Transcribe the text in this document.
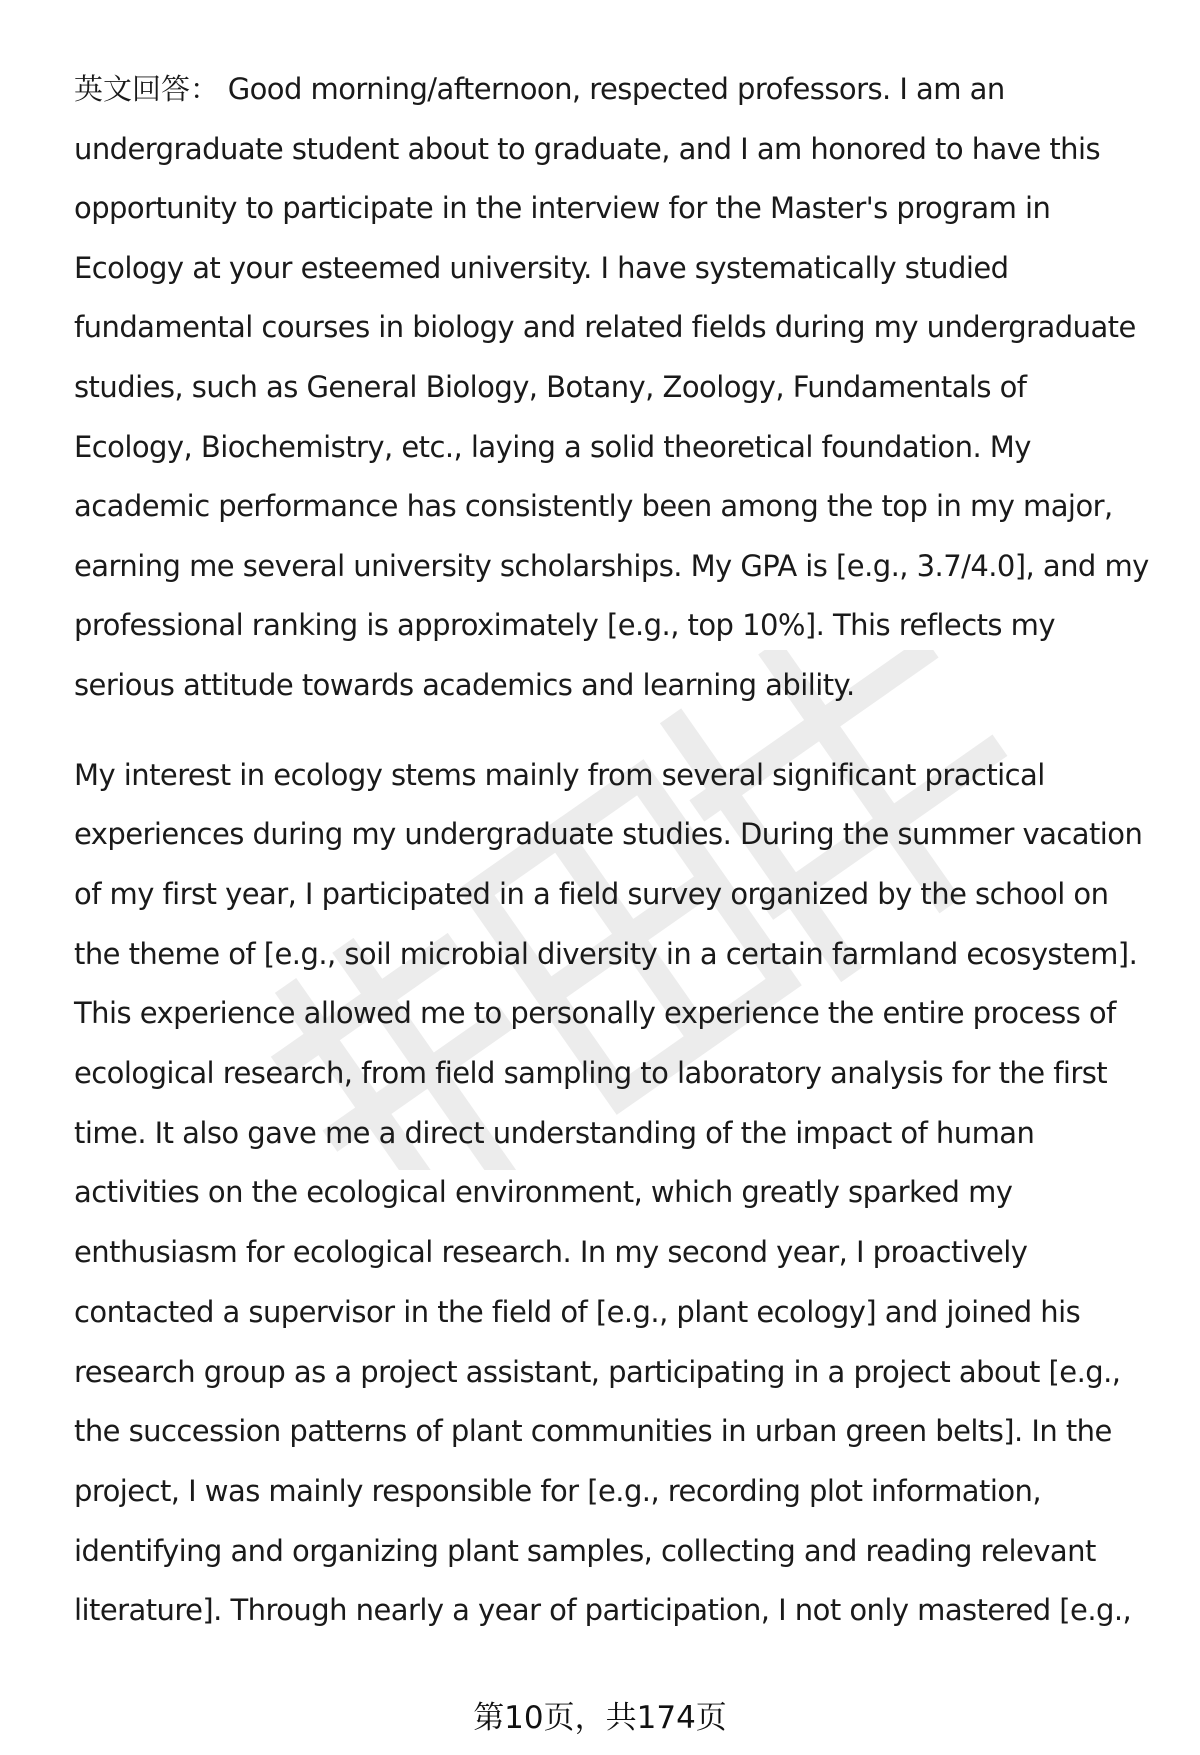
英文回答： Good morning/afternoon, respected professors. I am an
undergraduate student about to graduate, and I am honored to have this
opportunity to participate in the interview for the Master's program in
Ecology at your esteemed university. I have systematically studied
fundamental courses in biology and related fields during my undergraduate
studies, such as General Biology, Botany, Zoology, Fundamentals of
Ecology, Biochemistry, etc., laying a solid theoretical foundation. My
academic performance has consistently been among the top in my major,
earning me several university scholarships. My GPA is [e.g., 3.7/4.0], and my
professional ranking is approximately [e.g., top 10%]. This reflects my
serious attitude towards academics and learning ability.

My interest in ecology stems mainly from several significant practical
experiences during my undergraduate studies. During the summer vacation
of my first year, I participated in a field survey organized by the school on
the theme of [e.g., soil microbial diversity in a certain farmland ecosystem].
This experience allowed me to personally experience the entire process of
ecological research, from field sampling to laboratory analysis for the first
time. It also gave me a direct understanding of the impact of human
activities on the ecological environment, which greatly sparked my
enthusiasm for ecological research. In my second year, I proactively
contacted a supervisor in the field of [e.g., plant ecology] and joined his
research group as a project assistant, participating in a project about [e.g.,
the succession patterns of plant communities in urban green belts]. In the
project, I was mainly responsible for [e.g., recording plot information,
identifying and organizing plant samples, collecting and reading relevant
literature]. Through nearly a year of participation, I not only mastered [e.g.,

第10页，共174页
